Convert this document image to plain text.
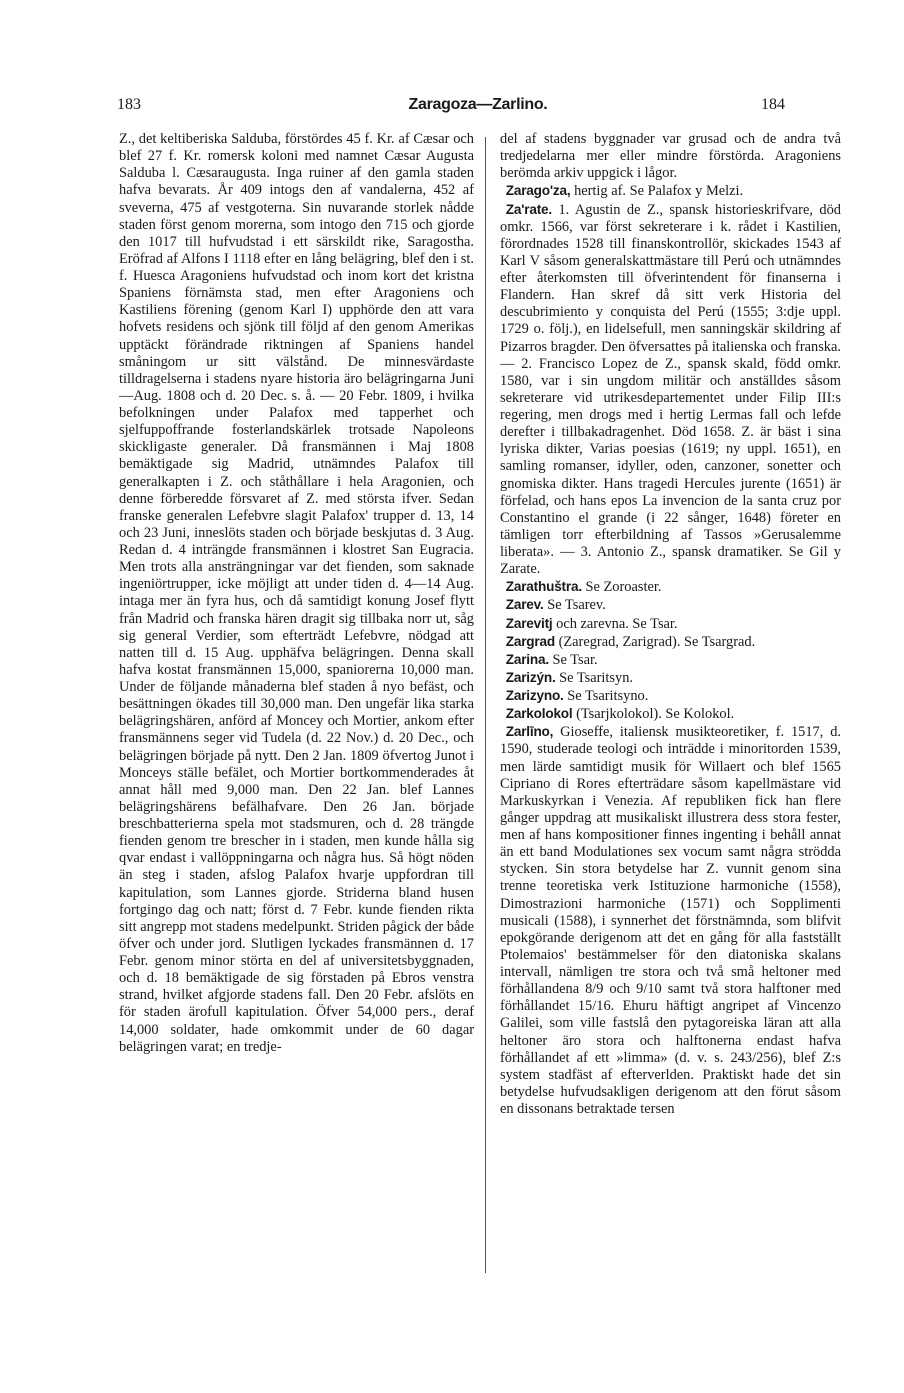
183	Zaragoza—Zarlino.	184

Z., det keltiberiska Salduba, förstördes 45 f. Kr. af Cæsar och blef 27 f. Kr. romersk koloni med namnet Cæsar Augusta Salduba l. Cæsaraugusta. Inga ruiner af den gamla staden hafva bevarats. År 409 intogs den af vandalerna, 452 af sveverna, 475 af vestgoterna. Sin nuvarande storlek nådde staden först genom morerna, som intogo den 715 och gjorde den 1017 till hufvudstad i ett särskildt rike, Saragostha. Eröfrad af Alfons I 1118 efter en lång belägring, blef den i st. f. Huesca Aragoniens hufvudstad och inom kort det kristna Spaniens förnämsta stad, men efter Aragoniens och Kastiliens förening (genom Karl I) upphörde den att vara hofvets residens och sjönk till följd af den genom Amerikas upptäckt förändrade riktningen af Spaniens handel småningom ur sitt välstånd. De minnesvärdaste tilldragelserna i stadens nyare historia äro belägringarna Juni—Aug. 1808 och d. 20 Dec. s. å. — 20 Febr. 1809, i hvilka befolkningen under Palafox med tapperhet och sjelfuppoffrande fosterlandskärlek trotsade Napoleons skickligaste generaler. Då fransmännen i Maj 1808 bemäktigade sig Madrid, utnämndes Palafox till generalkapten i Z. och ståthållare i hela Aragonien, och denne förberedde försvaret af Z. med största ifver. Sedan franske generalen Lefebvre slagit Palafox' trupper d. 13, 14 och 23 Juni, inneslöts staden och började beskjutas d. 3 Aug. Redan d. 4 inträngde fransmännen i klostret San Eugracia. Men trots alla ansträngningar var det fienden, som saknade ingeniörtrupper, icke möjligt att under tiden d. 4—14 Aug. intaga mer än fyra hus, och då samtidigt konung Josef flytt från Madrid och franska hären dragit sig tillbaka norr ut, såg sig general Verdier, som efterträdt Lefebvre, nödgad att natten till d. 15 Aug. upphäfva belägringen. Denna skall hafva kostat fransmännen 15,000, spaniorerna 10,000 man. Under de följande månaderna blef staden å nyo befäst, och besättningen ökades till 30,000 man. Den ungefär lika starka belägringshären, anförd af Moncey och Mortier, ankom efter fransmännens seger vid Tudela (d. 22 Nov.) d. 20 Dec., och belägringen började på nytt. Den 2 Jan. 1809 öfvertog Junot i Monceys ställe befälet, och Mortier bortkommenderades åt annat håll med 9,000 man. Den 22 Jan. blef Lannes belägringshärens befälhafvare. Den 26 Jan. började breschbatterierna spela mot stadsmuren, och d. 28 trängde fienden genom tre brescher in i staden, men kunde hålla sig qvar endast i vallöppningarna och några hus. Så högt nöden än steg i staden, afslog Palafox hvarje uppfordran till kapitulation, som Lannes gjorde. Striderna bland husen fortgingo dag och natt; först d. 7 Febr. kunde fienden rikta sitt angrepp mot stadens medelpunkt. Striden pågick der både öfver och under jord. Slutligen lyckades fransmännen d. 17 Febr. genom minor störta en del af universitetsbyggnaden, och d. 18 bemäktigade de sig förstaden på Ebros venstra strand, hvilket afgjorde stadens fall. Den 20 Febr. afslöts en för staden ärofull kapitulation. Öfver 54,000 pers., deraf 14,000 soldater, hade omkommit under de 60 dagar belägringen varat; en tredje-

del af stadens byggnader var grusad och de andra två tredjedelarna mer eller mindre förstörda. Aragoniens berömda arkiv uppgick i lågor.

Zarago'za, hertig af. Se Palafox y Melzi.

Za'rate. 1. Agustin de Z., spansk historieskrifvare, död omkr. 1566, var först sekreterare i k. rådet i Kastilien, förordnades 1528 till finanskontrollör, skickades 1543 af Karl V såsom generalskattmästare till Perú och utnämndes efter återkomsten till öfverintendent för finanserna i Flandern. Han skref då sitt verk Historia del descubrimiento y conquista del Perú (1555; 3:dje uppl. 1729 o. följ.), en lidelsefull, men sanningskär skildring af Pizarros bragder. Den öfversattes på italienska och franska. — 2. Francisco Lopez de Z., spansk skald, född omkr. 1580, var i sin ungdom militär och anställdes såsom sekreterare vid utrikesdepartementet under Filip III:s regering, men drogs med i hertig Lermas fall och lefde derefter i tillbakadragenhet. Död 1658. Z. är bäst i sina lyriska dikter, Varias poesias (1619; ny uppl. 1651), en samling romanser, idyller, oden, canzoner, sonetter och gnomiska dikter. Hans tragedi Hercules jurente (1651) är förfelad, och hans epos La invencion de la santa cruz por Constantino el grande (i 22 sånger, 1648) företer en tämligen torr efterbildning af Tassos »Gerusalemme liberata». — 3. Antonio Z., spansk dramatiker. Se Gil y Zarate.

Zarathuštra. Se Zoroaster.

Zarev. Se Tsarev.

Zarevitj och zarevna. Se Tsar.

Zargrad (Zaregrad, Zarigrad). Se Tsargrad.

Zarina. Se Tsar.

Zarizýn. Se Tsaritsyn.

Zarizyno. Se Tsaritsyno.

Zarkolokol (Tsarjkolokol). Se Kolokol.

Zarlīno, Gioseffe, italiensk musikteoretiker, f. 1517, d. 1590, studerade teologi och inträdde i minoritorden 1539, men lärde samtidigt musik för Willaert och blef 1565 Cipriano di Rores efterträdare såsom kapellmästare vid Markuskyrkan i Venezia. Af republiken fick han flere gånger uppdrag att musikaliskt illustrera dess stora fester, men af hans kompositioner finnes ingenting i behåll annat än ett band Modulationes sex vocum samt några strödda stycken. Sin stora betydelse har Z. vunnit genom sina trenne teoretiska verk Istituzione harmoniche (1558), Dimostrazioni harmoniche (1571) och Sopplimenti musicali (1588), i synnerhet det förstnämnda, som blifvit epokgörande derigenom att det en gång för alla fastställt Ptolemaios' bestämmelser för den diatoniska skalans intervall, nämligen tre stora och två små heltoner med förhållandena 8/9 och 9/10 samt två stora halftoner med förhållandet 15/16. Ehuru häftigt angripet af Vincenzo Galilei, som ville fastslå den pytagoreiska läran att alla heltoner äro stora och halftonerna endast hafva förhållandet af ett »limma» (d. v. s. 243/256), blef Z:s system stadfäst af efterverlden. Praktiskt hade det sin betydelse hufvudsakligen derigenom att den förut såsom en dissonans betraktade tersen
